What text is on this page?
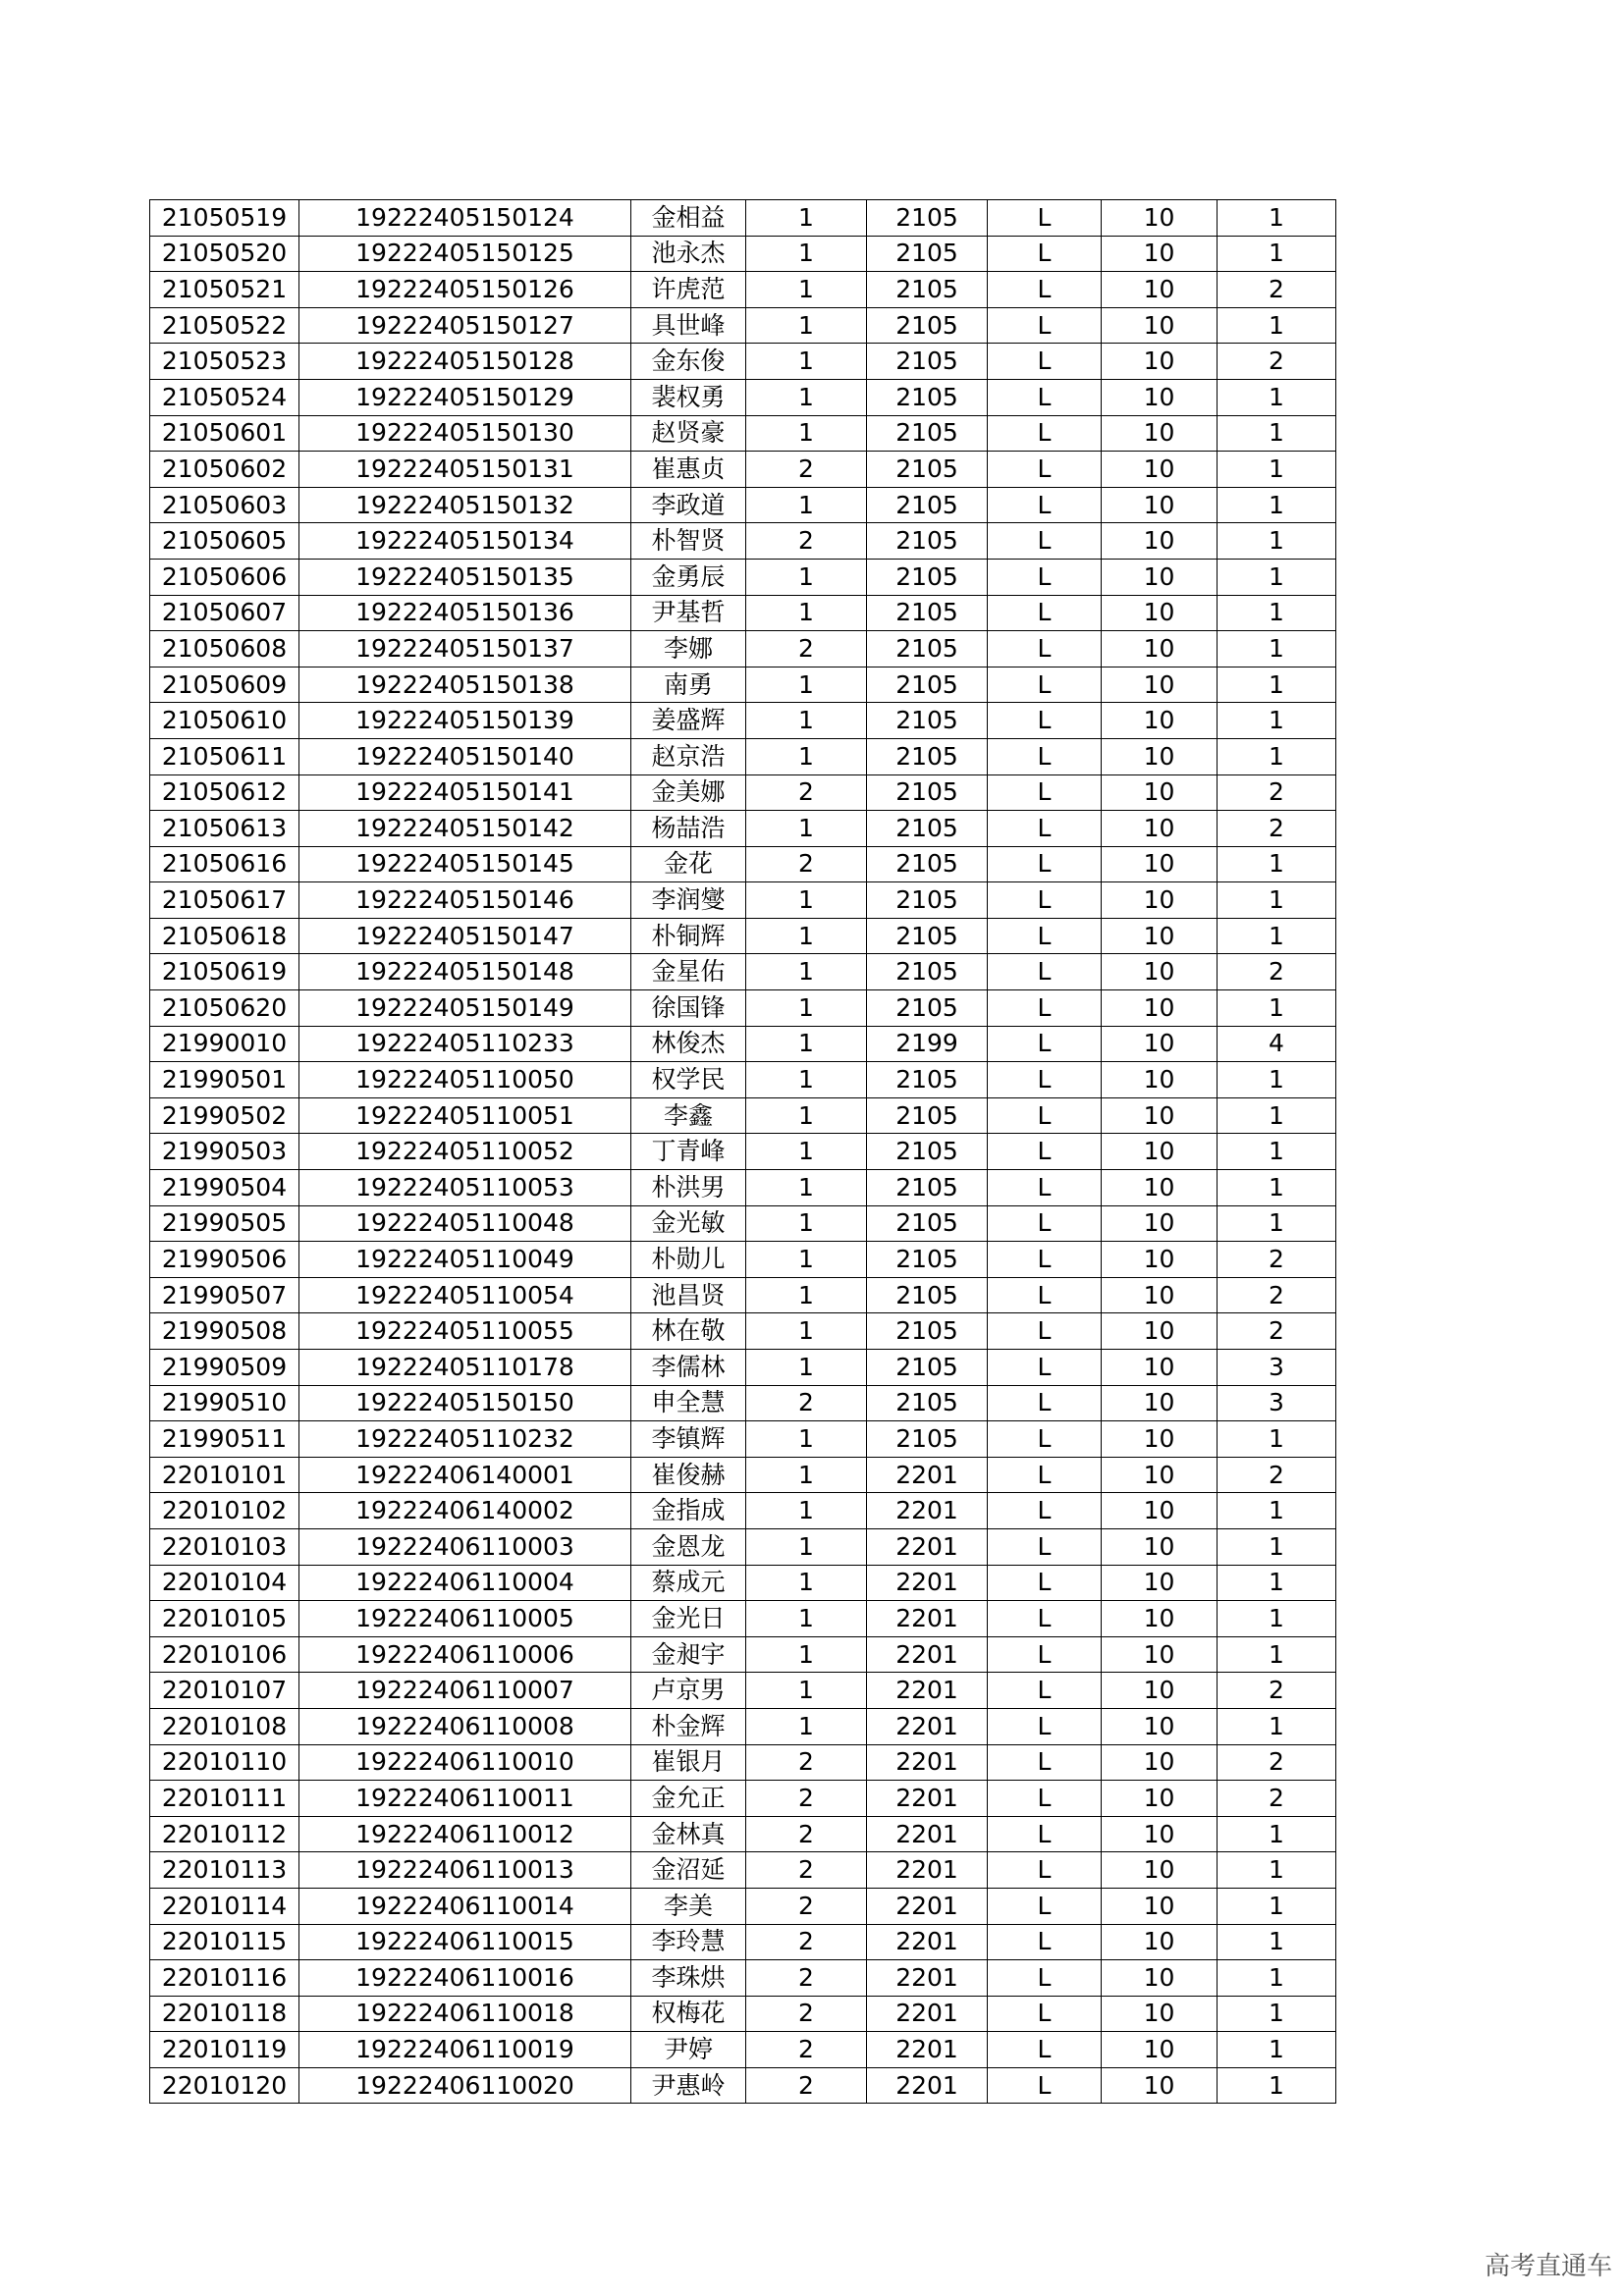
21050519	19222405150124	金相益	1	2105	L	10	1
21050520	19222405150125	池永杰	1	2105	L	10	1
21050521	19222405150126	许虎范	1	2105	L	10	2
21050522	19222405150127	具世峰	1	2105	L	10	1
21050523	19222405150128	金东俊	1	2105	L	10	2
21050524	19222405150129	裴权勇	1	2105	L	10	1
21050601	19222405150130	赵贤豪	1	2105	L	10	1
21050602	19222405150131	崔惠贞	2	2105	L	10	1
21050603	19222405150132	李政道	1	2105	L	10	1
21050605	19222405150134	朴智贤	2	2105	L	10	1
21050606	19222405150135	金勇辰	1	2105	L	10	1
21050607	19222405150136	尹基哲	1	2105	L	10	1
21050608	19222405150137	李娜	2	2105	L	10	1
21050609	19222405150138	南勇	1	2105	L	10	1
21050610	19222405150139	姜盛辉	1	2105	L	10	1
21050611	19222405150140	赵京浩	1	2105	L	10	1
21050612	19222405150141	金美娜	2	2105	L	10	2
21050613	19222405150142	杨喆浩	1	2105	L	10	2
21050616	19222405150145	金花	2	2105	L	10	1
21050617	19222405150146	李润燮	1	2105	L	10	1
21050618	19222405150147	朴铜辉	1	2105	L	10	1
21050619	19222405150148	金星佑	1	2105	L	10	2
21050620	19222405150149	徐国锋	1	2105	L	10	1
21990010	19222405110233	林俊杰	1	2199	L	10	4
21990501	19222405110050	权学民	1	2105	L	10	1
21990502	19222405110051	李鑫	1	2105	L	10	1
21990503	19222405110052	丁青峰	1	2105	L	10	1
21990504	19222405110053	朴洪男	1	2105	L	10	1
21990505	19222405110048	金光敏	1	2105	L	10	1
21990506	19222405110049	朴勋儿	1	2105	L	10	2
21990507	19222405110054	池昌贤	1	2105	L	10	2
21990508	19222405110055	林在敬	1	2105	L	10	2
21990509	19222405110178	李儒林	1	2105	L	10	3
21990510	19222405150150	申全慧	2	2105	L	10	3
21990511	19222405110232	李镇辉	1	2105	L	10	1
22010101	19222406140001	崔俊赫	1	2201	L	10	2
22010102	19222406140002	金指成	1	2201	L	10	1
22010103	19222406110003	金恩龙	1	2201	L	10	1
22010104	19222406110004	蔡成元	1	2201	L	10	1
22010105	19222406110005	金光日	1	2201	L	10	1
22010106	19222406110006	金昶宇	1	2201	L	10	1
22010107	19222406110007	卢京男	1	2201	L	10	2
22010108	19222406110008	朴金辉	1	2201	L	10	1
22010110	19222406110010	崔银月	2	2201	L	10	2
22010111	19222406110011	金允正	2	2201	L	10	2
22010112	19222406110012	金林真	2	2201	L	10	1
22010113	19222406110013	金沼延	2	2201	L	10	1
22010114	19222406110014	李美	2	2201	L	10	1
22010115	19222406110015	李玲慧	2	2201	L	10	1
22010116	19222406110016	李珠烘	2	2201	L	10	1
22010118	19222406110018	权梅花	2	2201	L	10	1
22010119	19222406110019	尹婷	2	2201	L	10	1
22010120	19222406110020	尹惠岭	2	2201	L	10	1
高考直通车
